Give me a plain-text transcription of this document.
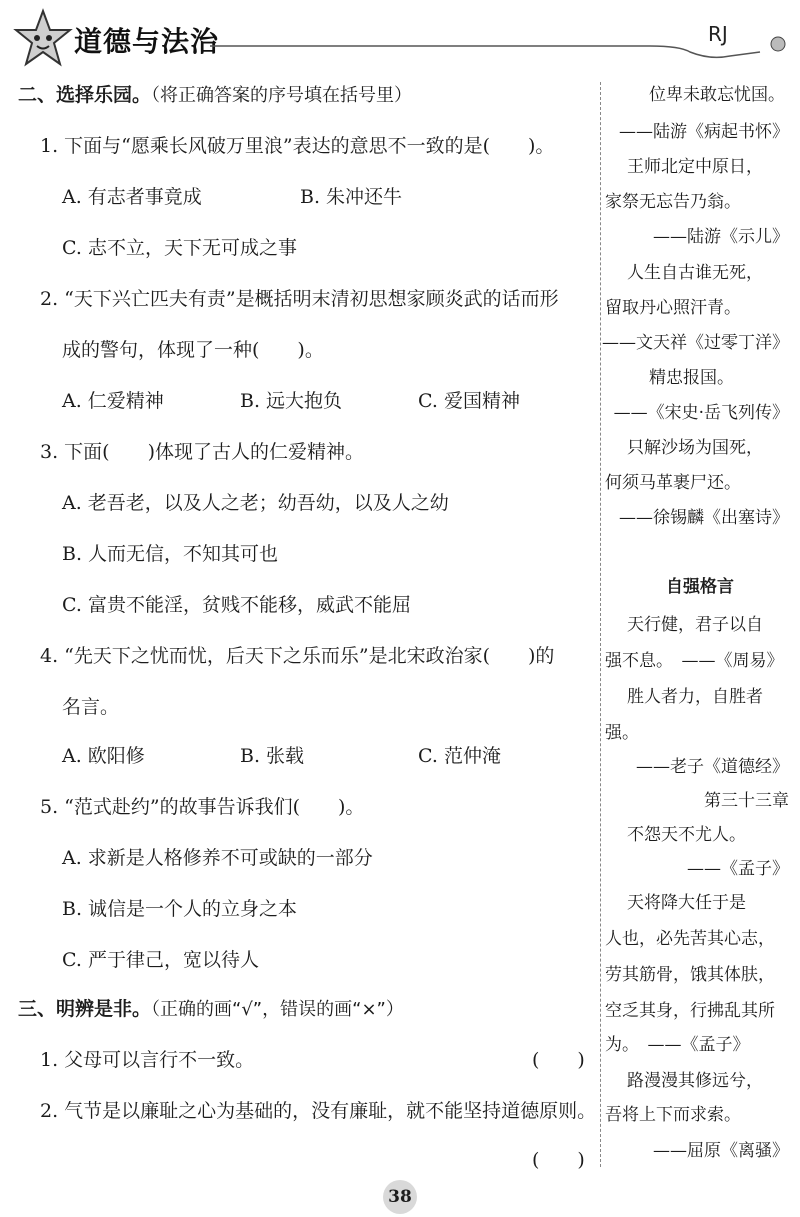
道德与法治	RJ
二、选择乐园。（将正确答案的序号填在括号里）
1. 下面与“愿乘长风破万里浪”表达的意思不一致的是(　　)。
A. 有志者事竟成	B. 朱冲还牛
C. 志不立，天下无可成之事
2. “天下兴亡匹夫有责”是概括明末清初思想家顾炎武的话而形
成的警句，体现了一种(　　)。
A. 仁爱精神	B. 远大抱负	C. 爱国精神
3. 下面(　　)体现了古人的仁爱精神。
A. 老吾老，以及人之老；幼吾幼，以及人之幼
B. 人而无信，不知其可也
C. 富贵不能淫，贫贱不能移，威武不能屈
4. “先天下之忧而忧，后天下之乐而乐”是北宋政治家(　　)的
名言。
A. 欧阳修	B. 张载	C. 范仲淹
5. “范式赴约”的故事告诉我们(　　)。
A. 求新是人格修养不可或缺的一部分
B. 诚信是一个人的立身之本
C. 严于律己，宽以待人
三、明辨是非。（正确的画“√”，错误的画“×”）
1. 父母可以言行不一致。
2. 气节是以廉耻之心为基础的，没有廉耻，就不能坚持道德原则。
(　　)
(　　)
位卑未敢忘忧国。
——陆游《病起书怀》
王师北定中原日，
家祭无忘告乃翁。
——陆游《示儿》
人生自古谁无死，
留取丹心照汗青。
——文天祥《过零丁洋》
精忠报国。
——《宋史·岳飞列传》
只解沙场为国死，
何须马革裹尸还。
——徐锡麟《出塞诗》
自强格言
天行健，君子以自
强不息。　——《周易》
胜人者力，自胜者
强。
——老子《道德经》
第三十三章
不怨天不尤人。
——《孟子》
天将降大任于是
人也，必先苦其心志，
劳其筋骨，饿其体肤，
空乏其身，行拂乱其所
为。　——《孟子》
路漫漫其修远兮，
吾将上下而求索。
——屈原《离骚》
38
